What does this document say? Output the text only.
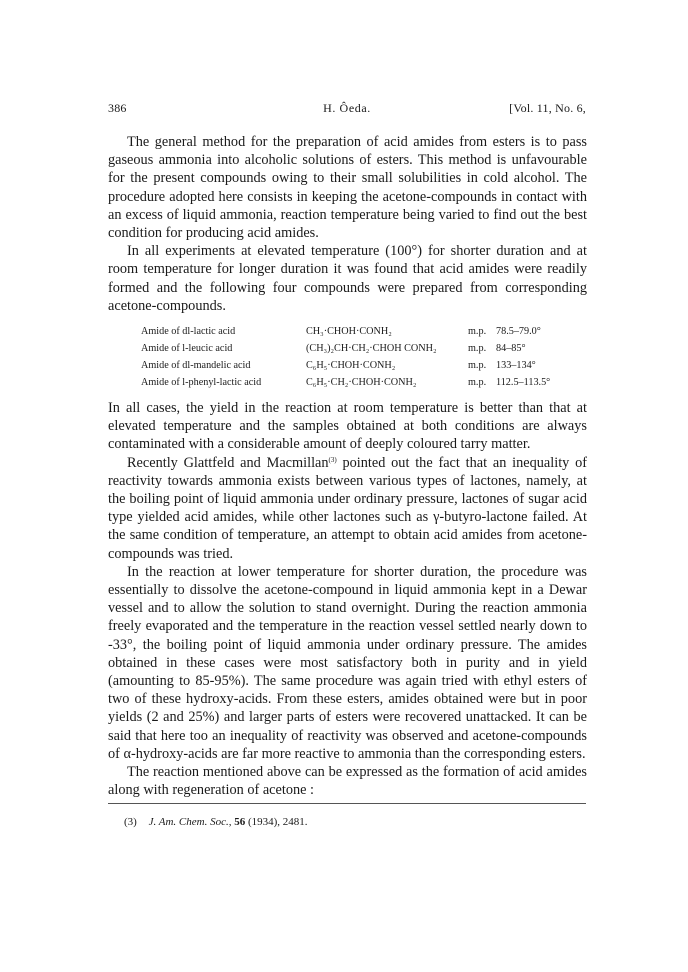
386	H. Ôeda.	[Vol. 11, No. 6,

The general method for the preparation of acid amides from esters is to pass gaseous ammonia into alcoholic solutions of esters. This method is unfavourable for the present compounds owing to their small solubilities in cold alcohol. The procedure adopted here consists in keeping the acetone-compounds in contact with an excess of liquid ammonia, reaction temperature being varied to find out the best condition for producing acid amides.

In all experiments at elevated temperature (100°) for shorter duration and at room temperature for longer duration it was found that acid amides were readily formed and the following four compounds were prepared from corresponding acetone-compounds.

Amide of dl-lactic acid	CH₃·CHOH·CONH₂	m.p.	78.5–79.0°
Amide of l-leucic acid	(CH₃)₂CH·CH₂·CHOH CONH₂	m.p.	84–85°
Amide of dl-mandelic acid	C₆H₅·CHOH·CONH₂	m.p.	133–134°
Amide of l-phenyl-lactic acid	C₆H₅·CH₂·CHOH·CONH₂	m.p.	112.5–113.5°

In all cases, the yield in the reaction at room temperature is better than that at elevated temperature and the samples obtained at both conditions are always contaminated with a considerable amount of deeply coloured tarry matter.

Recently Glattfeld and Macmillan$^{(3)}$ pointed out the fact that an inequality of reactivity towards ammonia exists between various types of lactones, namely, at the boiling point of liquid ammonia under ordinary pressure, lactones of sugar acid type yielded acid amides, while other lactones such as γ-butyro-lactone failed. At the same condition of temperature, an attempt to obtain acid amides from acetone-compounds was tried.

In the reaction at lower temperature for shorter duration, the procedure was essentially to dissolve the acetone-compound in liquid ammonia kept in a Dewar vessel and to allow the solution to stand overnight. During the reaction ammonia freely evaporated and the temperature in the reaction vessel settled nearly down to -33°, the boiling point of liquid ammonia under ordinary pressure. The amides obtained in these cases were most satisfactory both in purity and in yield (amounting to 85-95%). The same procedure was again tried with ethyl esters of two of these hydroxy-acids. From these esters, amides obtained were but in poor yields (2 and 25%) and larger parts of esters were recovered unattacked. It can be said that here too an inequality of reactivity was observed and acetone-compounds of α-hydroxy-acids are far more reactive to ammonia than the corresponding esters.

The reaction mentioned above can be expressed as the formation of acid amides along with regeneration of acetone :

(3) J. Am. Chem. Soc., 56 (1934), 2481.
